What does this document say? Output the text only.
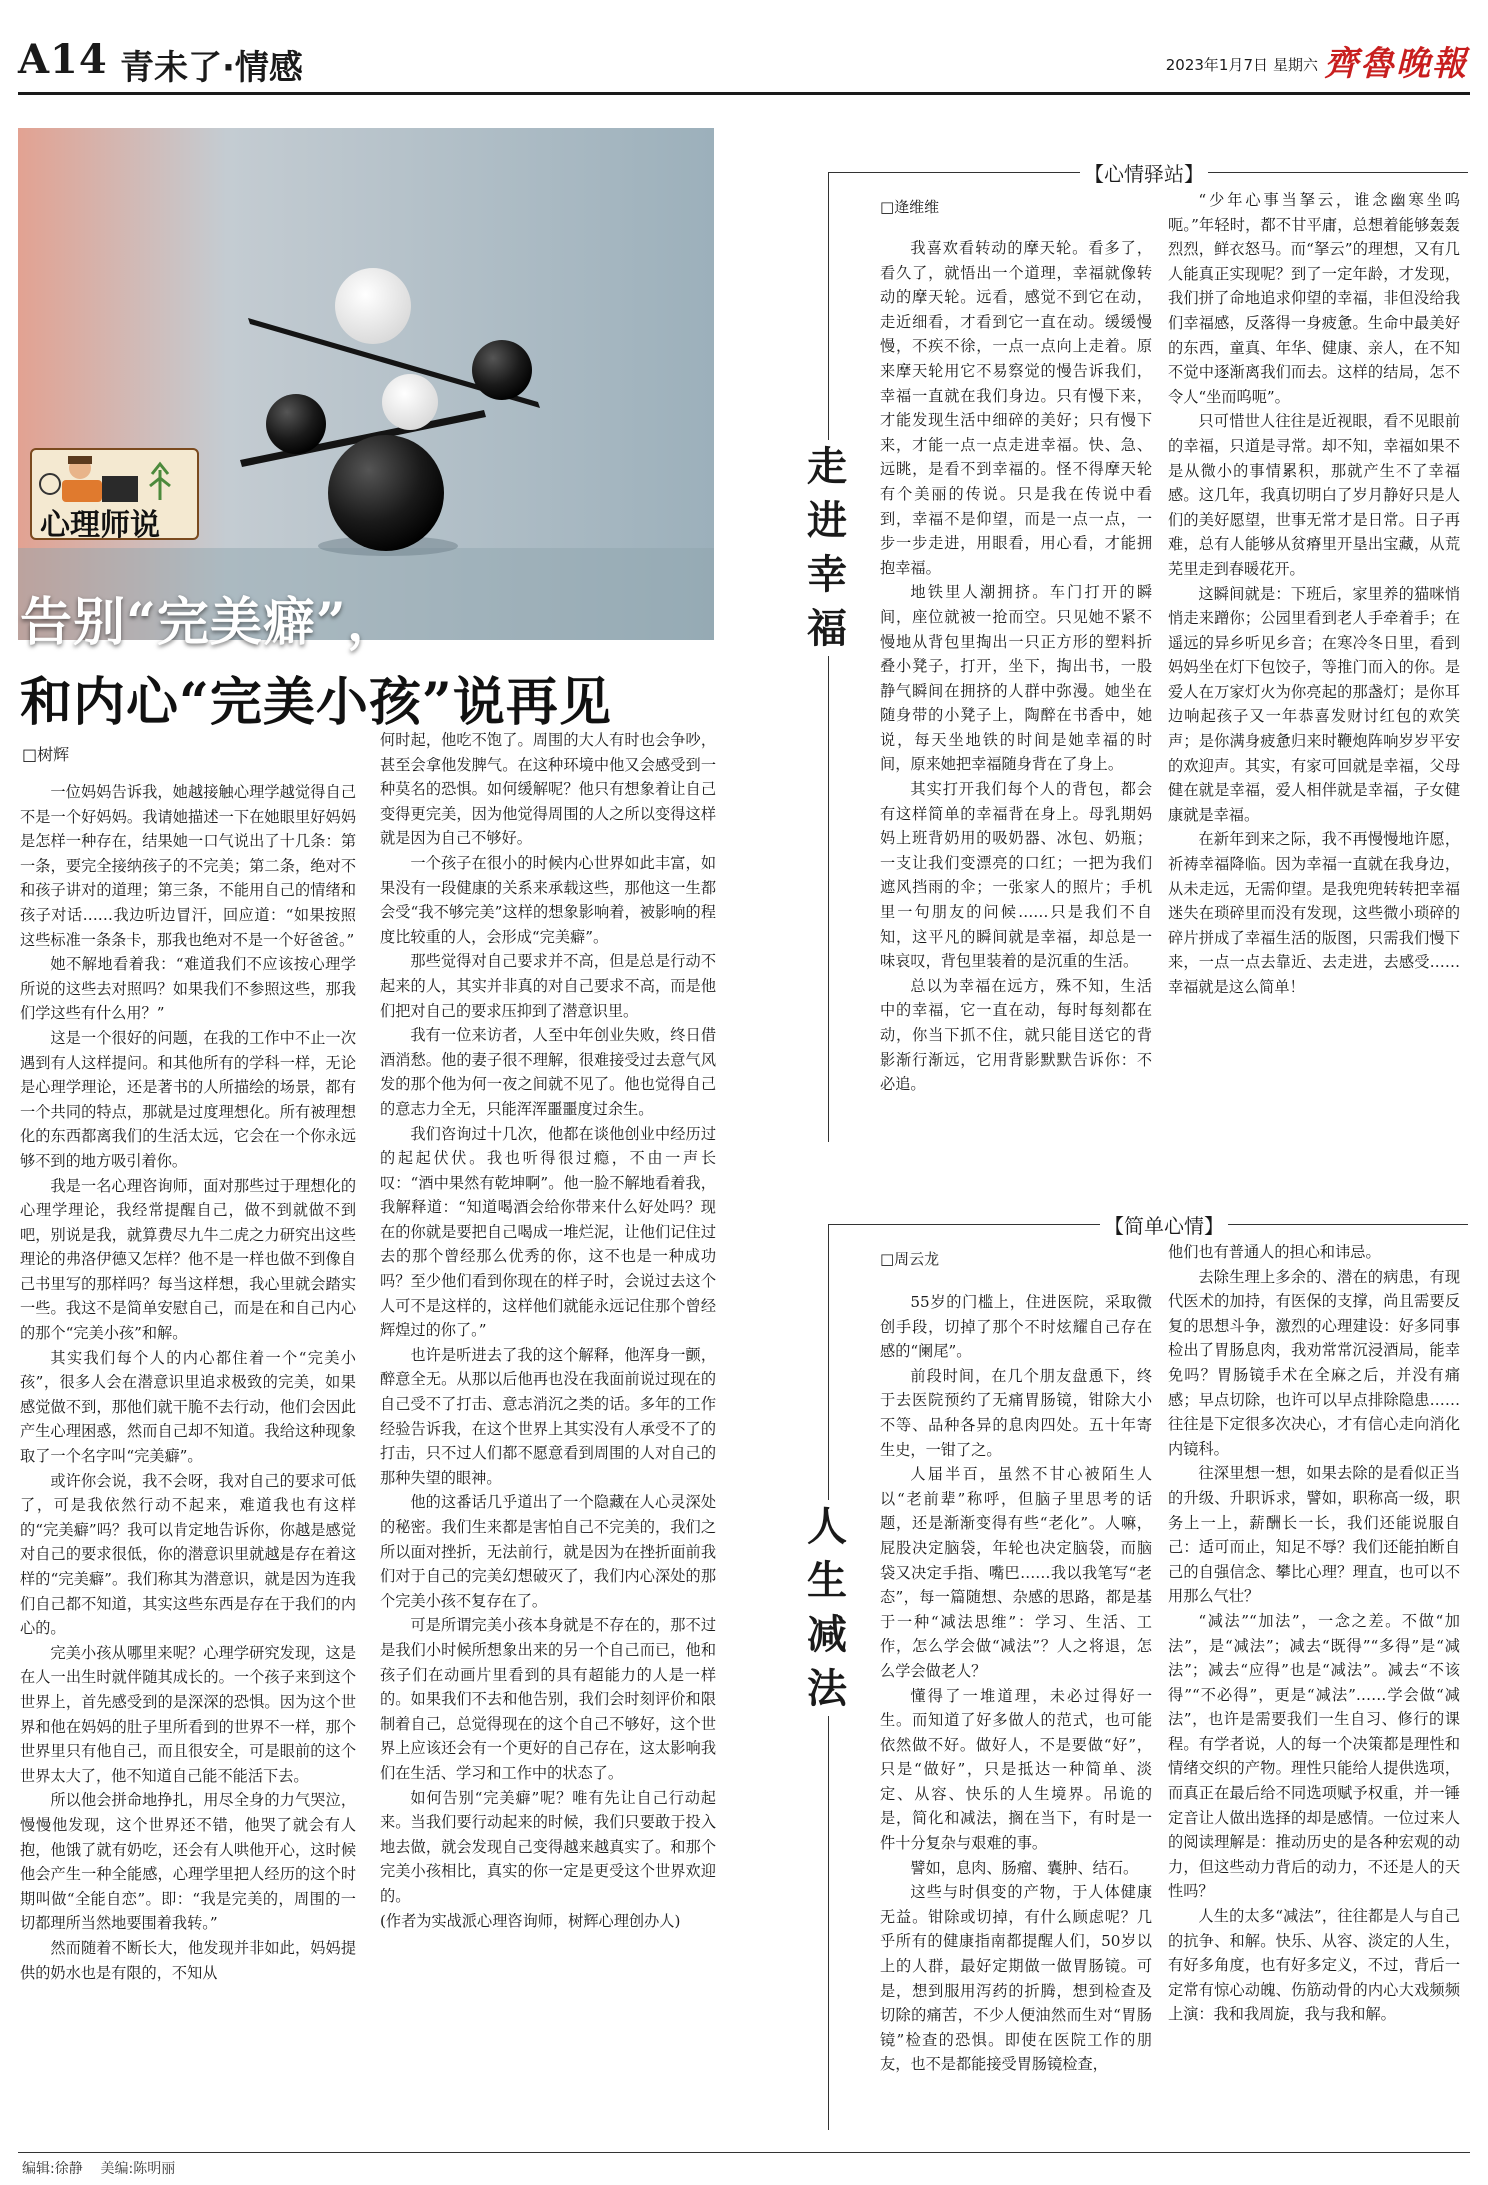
A14 青未了·情感	2023年1月7日 星期六 齊魯晚報
心理师说
告别“完美癖”，
和内心“完美小孩”说再见
□树辉

一位妈妈告诉我，她越接触心理学越觉得自己不是一个好妈妈。我请她描述一下在她眼里好妈妈是怎样一种存在，结果她一口气说出了十几条：第一条，要完全接纳孩子的不完美；第二条，绝对不和孩子讲对的道理；第三条，不能用自己的情绪和孩子对话……我边听边冒汗，回应道：“如果按照这些标准一条条卡，那我也绝对不是一个好爸爸。”

她不解地看着我：“难道我们不应该按心理学所说的这些去对照吗？如果我们不参照这些，那我们学这些有什么用？”

这是一个很好的问题，在我的工作中不止一次遇到有人这样提问。和其他所有的学科一样，无论是心理学理论，还是著书的人所描绘的场景，都有一个共同的特点，那就是过度理想化。所有被理想化的东西都离我们的生活太远，它会在一个你永远够不到的地方吸引着你。

我是一名心理咨询师，面对那些过于理想化的心理学理论，我经常提醒自己，做不到就做不到吧，别说是我，就算费尽九牛二虎之力研究出这些理论的弗洛伊德又怎样？他不是一样也做不到像自己书里写的那样吗？每当这样想，我心里就会踏实一些。我这不是简单安慰自己，而是在和自己内心的那个“完美小孩”和解。

其实我们每个人的内心都住着一个“完美小孩”，很多人会在潜意识里追求极致的完美，如果感觉做不到，那他们就干脆不去行动，他们会因此产生心理困惑，然而自己却不知道。我给这种现象取了一个名字叫“完美癖”。

或许你会说，我不会呀，我对自己的要求可低了，可是我依然行动不起来，难道我也有这样的“完美癖”吗？我可以肯定地告诉你，你越是感觉对自己的要求很低，你的潜意识里就越是存在着这样的“完美癖”。我们称其为潜意识，就是因为连我们自己都不知道，其实这些东西是存在于我们的内心的。

完美小孩从哪里来呢？心理学研究发现，这是在人一出生时就伴随其成长的。一个孩子来到这个世界上，首先感受到的是深深的恐惧。因为这个世界和他在妈妈的肚子里所看到的世界不一样，那个世界里只有他自己，而且很安全，可是眼前的这个世界太大了，他不知道自己能不能活下去。

所以他会拼命地挣扎，用尽全身的力气哭泣，慢慢他发现，这个世界还不错，他哭了就会有人抱，他饿了就有奶吃，还会有人哄他开心，这时候他会产生一种全能感，心理学里把人经历的这个时期叫做“全能自恋”。即：“我是完美的，周围的一切都理所当然地要围着我转。”

然而随着不断长大，他发现并非如此，妈妈提供的奶水也是有限的，不知从

何时起，他吃不饱了。周围的大人有时也会争吵，甚至会拿他发脾气。在这种环境中他又会感受到一种莫名的恐惧。如何缓解呢？他只有想象着让自己变得更完美，因为他觉得周围的人之所以变得这样就是因为自己不够好。

一个孩子在很小的时候内心世界如此丰富，如果没有一段健康的关系来承载这些，那他这一生都会受“我不够完美”这样的想象影响着，被影响的程度比较重的人，会形成“完美癖”。

那些觉得对自己要求并不高，但是总是行动不起来的人，其实并非真的对自己要求不高，而是他们把对自己的要求压抑到了潜意识里。

我有一位来访者，人至中年创业失败，终日借酒消愁。他的妻子很不理解，很难接受过去意气风发的那个他为何一夜之间就不见了。他也觉得自己的意志力全无，只能浑浑噩噩度过余生。

我们咨询过十几次，他都在谈他创业中经历过的起起伏伏。我也听得很过瘾，不由一声长叹：“酒中果然有乾坤啊”。他一脸不解地看着我，我解释道：“知道喝酒会给你带来什么好处吗？现在的你就是要把自己喝成一堆烂泥，让他们记住过去的那个曾经那么优秀的你，这不也是一种成功吗？至少他们看到你现在的样子时，会说过去这个人可不是这样的，这样他们就能永远记住那个曾经辉煌过的你了。”

也许是听进去了我的这个解释，他浑身一颤，醉意全无。从那以后他再也没在我面前说过现在的自己受不了打击、意志消沉之类的话。多年的工作经验告诉我，在这个世界上其实没有人承受不了的打击，只不过人们都不愿意看到周围的人对自己的那种失望的眼神。

他的这番话几乎道出了一个隐藏在人心灵深处的秘密。我们生来都是害怕自己不完美的，我们之所以面对挫折，无法前行，就是因为在挫折面前我们对于自己的完美幻想破灭了，我们内心深处的那个完美小孩不复存在了。

可是所谓完美小孩本身就是不存在的，那不过是我们小时候所想象出来的另一个自己而已，他和孩子们在动画片里看到的具有超能力的人是一样的。如果我们不去和他告别，我们会时刻评价和限制着自己，总觉得现在的这个自己不够好，这个世界上应该还会有一个更好的自己存在，这太影响我们在生活、学习和工作中的状态了。

如何告别“完美癖”呢？唯有先让自己行动起来。当我们要行动起来的时候，我们只要敢于投入地去做，就会发现自己变得越来越真实了。和那个完美小孩相比，真实的你一定是更受这个世界欢迎的。

(作者为实战派心理咨询师，树辉心理创办人)

【心情驿站】
走进幸福
□逄维维

我喜欢看转动的摩天轮。看多了，看久了，就悟出一个道理，幸福就像转动的摩天轮。远看，感觉不到它在动，走近细看，才看到它一直在动。缓缓慢慢，不疾不徐，一点一点向上走着。原来摩天轮用它不易察觉的慢告诉我们，幸福一直就在我们身边。只有慢下来，才能发现生活中细碎的美好；只有慢下来，才能一点一点走进幸福。快、急、远眺，是看不到幸福的。怪不得摩天轮有个美丽的传说。只是我在传说中看到，幸福不是仰望，而是一点一点，一步一步走进，用眼看，用心看，才能拥抱幸福。

地铁里人潮拥挤。车门打开的瞬间，座位就被一抢而空。只见她不紧不慢地从背包里掏出一只正方形的塑料折叠小凳子，打开，坐下，掏出书，一股静气瞬间在拥挤的人群中弥漫。她坐在随身带的小凳子上，陶醉在书香中，她说，每天坐地铁的时间是她幸福的时间，原来她把幸福随身背在了身上。

其实打开我们每个人的背包，都会有这样简单的幸福背在身上。母乳期妈妈上班背奶用的吸奶器、冰包、奶瓶；一支让我们变漂亮的口红；一把为我们遮风挡雨的伞；一张家人的照片；手机里一句朋友的问候……只是我们不自知，这平凡的瞬间就是幸福，却总是一味哀叹，背包里装着的是沉重的生活。

总以为幸福在远方，殊不知，生活中的幸福，它一直在动，每时每刻都在动，你当下抓不住，就只能目送它的背影渐行渐远，它用背影默默告诉你：不必追。

“少年心事当拏云，谁念幽寒坐呜呃。”年轻时，都不甘平庸，总想着能够轰轰烈烈，鲜衣怒马。而“拏云”的理想，又有几人能真正实现呢？到了一定年龄，才发现，我们拼了命地追求仰望的幸福，非但没给我们幸福感，反落得一身疲惫。生命中最美好的东西，童真、年华、健康、亲人，在不知不觉中逐渐离我们而去。这样的结局，怎不令人“坐而呜呃”。

只可惜世人往往是近视眼，看不见眼前的幸福，只道是寻常。却不知，幸福如果不是从微小的事情累积，那就产生不了幸福感。这几年，我真切明白了岁月静好只是人们的美好愿望，世事无常才是日常。日子再难，总有人能够从贫瘠里开垦出宝藏，从荒芜里走到春暖花开。

这瞬间就是：下班后，家里养的猫咪悄悄走来蹭你；公园里看到老人手牵着手；在遥远的异乡听见乡音；在寒冷冬日里，看到妈妈坐在灯下包饺子，等推门而入的你。是爱人在万家灯火为你亮起的那盏灯；是你耳边响起孩子又一年恭喜发财讨红包的欢笑声；是你满身疲惫归来时鞭炮阵响岁岁平安的欢迎声。其实，有家可回就是幸福，父母健在就是幸福，爱人相伴就是幸福，子女健康就是幸福。

在新年到来之际，我不再慢慢地许愿，祈祷幸福降临。因为幸福一直就在我身边，从未走远，无需仰望。是我兜兜转转把幸福迷失在琐碎里而没有发现，这些微小琐碎的碎片拼成了幸福生活的版图，只需我们慢下来，一点一点去靠近、去走进，去感受……幸福就是这么简单！

【简单心情】
人生减法
□周云龙

55岁的门槛上，住进医院，采取微创手段，切掉了那个不时炫耀自己存在感的“阑尾”。

前段时间，在几个朋友盘恿下，终于去医院预约了无痛胃肠镜，钳除大小不等、品种各异的息肉四处。五十年寄生史，一钳了之。

人届半百，虽然不甘心被陌生人以“老前辈”称呼，但脑子里思考的话题，还是渐渐变得有些“老化”。人嘛，屁股决定脑袋，年轮也决定脑袋，而脑袋又决定手指、嘴巴……我以我笔写“老态”，每一篇随想、杂感的思路，都是基于一种“减法思维”：学习、生活、工作，怎么学会做“减法”？人之将退，怎么学会做老人？

懂得了一堆道理，未必过得好一生。而知道了好多做人的范式，也可能依然做不好。做好人，不是要做“好”，只是“做好”，只是抵达一种简单、淡定、从容、快乐的人生境界。吊诡的是，简化和减法，搁在当下，有时是一件十分复杂与艰难的事。

譬如，息肉、肠瘤、囊肿、结石。

这些与时俱变的产物，于人体健康无益。钳除或切掉，有什么顾虑呢？几乎所有的健康指南都提醒人们，50岁以上的人群，最好定期做一做胃肠镜。可是，想到服用泻药的折腾，想到检查及切除的痛苦，不少人便油然而生对“胃肠镜”检查的恐惧。即使在医院工作的朋友，也不是都能接受胃肠镜检查，

他们也有普通人的担心和讳忌。

去除生理上多余的、潜在的病患，有现代医术的加持，有医保的支撑，尚且需要反复的思想斗争，激烈的心理建设：好多同事检出了胃肠息肉，我劝常常沉浸酒局，能幸免吗？胃肠镜手术在全麻之后，并没有痛感；早点切除，也许可以早点排除隐患……往往是下定很多次决心，才有信心走向消化内镜科。

往深里想一想，如果去除的是看似正当的升级、升职诉求，譬如，职称高一级，职务上一上，薪酬长一长，我们还能说服自己：适可而止，知足不辱？我们还能拍断自己的自强信念、攀比心理？理直，也可以不用那么气壮？

“减法”“加法”，一念之差。不做“加法”，是“减法”；减去“既得”“多得”是“减法”；减去“应得”也是“减法”。减去“不该得”“不必得”，更是“减法”……学会做“减法”，也许是需要我们一生自习、修行的课程。有学者说，人的每一个决策都是理性和情绪交织的产物。理性只能给人提供选项，而真正在最后给不同选项赋予权重，并一锤定音让人做出选择的却是感情。一位过来人的阅读理解是：推动历史的是各种宏观的动力，但这些动力背后的动力，不还是人的天性吗？

人生的太多“减法”，往往都是人与自己的抗争、和解。快乐、从容、淡定的人生，有好多角度，也有好多定义，不过，背后一定常有惊心动魄、伤筋动骨的内心大戏频频上演：我和我周旋，我与我和解。

编辑:徐静 美编:陈明丽
